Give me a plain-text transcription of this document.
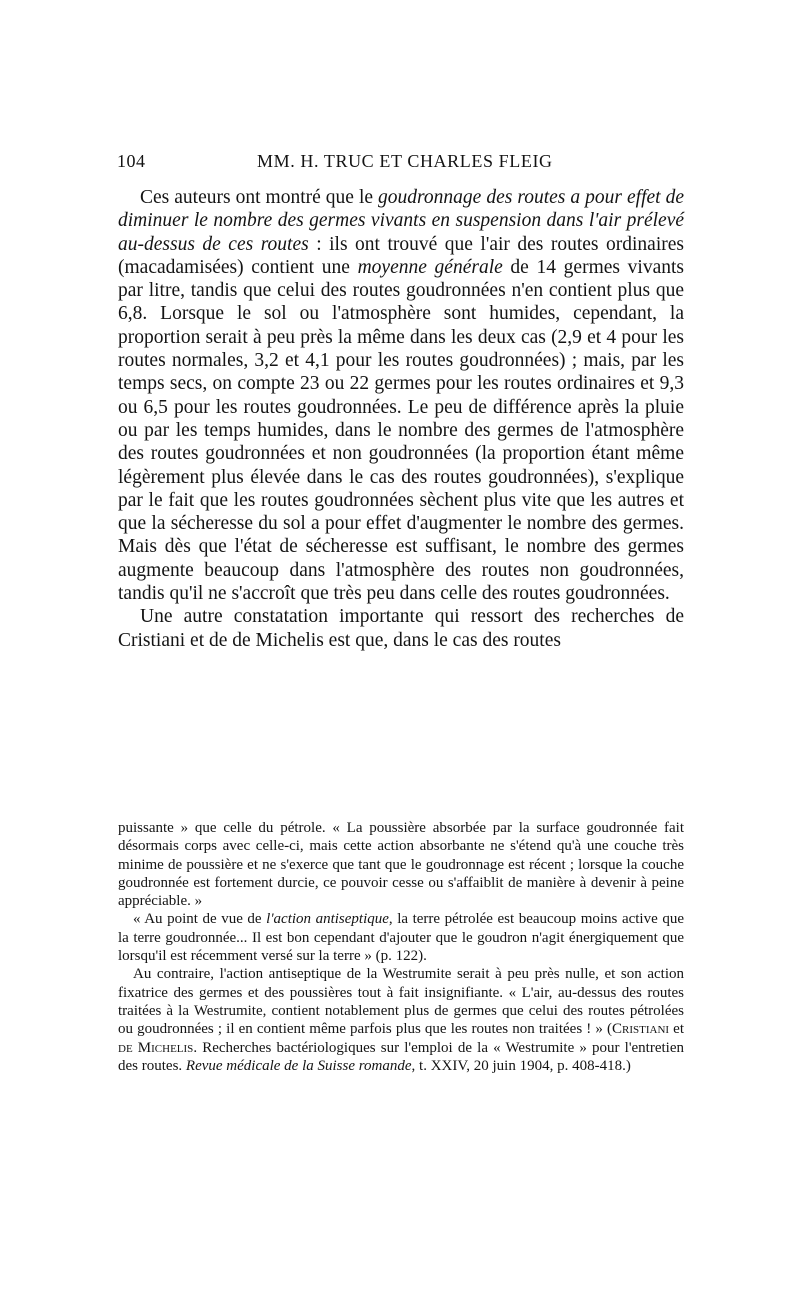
104	MM. H. TRUC ET CHARLES FLEIG

Ces auteurs ont montré que le goudronnage des routes a pour effet de diminuer le nombre des germes vivants en suspension dans l'air prélevé au-dessus de ces routes : ils ont trouvé que l'air des routes ordinaires (macadamisées) contient une moyenne générale de 14 germes vivants par litre, tandis que celui des routes goudronnées n'en contient plus que 6,8. Lorsque le sol ou l'atmosphère sont humides, cependant, la proportion serait à peu près la même dans les deux cas (2,9 et 4 pour les routes normales, 3,2 et 4,1 pour les routes goudronnées) ; mais, par les temps secs, on compte 23 ou 22 germes pour les routes ordinaires et 9,3 ou 6,5 pour les routes goudronnées. Le peu de différence après la pluie ou par les temps humides, dans le nombre des germes de l'atmosphère des routes goudronnées et non goudronnées (la proportion étant même légèrement plus élevée dans le cas des routes goudronnées), s'explique par le fait que les routes goudronnées sèchent plus vite que les autres et que la sécheresse du sol a pour effet d'augmenter le nombre des germes. Mais dès que l'état de sécheresse est suffisant, le nombre des germes augmente beaucoup dans l'atmosphère des routes non goudronnées, tandis qu'il ne s'accroît que très peu dans celle des routes goudronnées.

Une autre constatation importante qui ressort des recherches de Cristiani et de de Michelis est que, dans le cas des routes

puissante » que celle du pétrole. « La poussière absorbée par la surface goudronnée fait désormais corps avec celle-ci, mais cette action absorbante ne s'étend qu'à une couche très minime de poussière et ne s'exerce que tant que le goudronnage est récent ; lorsque la couche goudronnée est fortement durcie, ce pouvoir cesse ou s'affaiblit de manière à devenir à peine appréciable. »

« Au point de vue de l'action antiseptique, la terre pétrolée est beaucoup moins active que la terre goudronnée... Il est bon cependant d'ajouter que le goudron n'agit énergiquement que lorsqu'il est récemment versé sur la terre » (p. 122).

Au contraire, l'action antiseptique de la Westrumite serait à peu près nulle, et son action fixatrice des germes et des poussières tout à fait insignifiante. « L'air, au-dessus des routes traitées à la Westrumite, contient notablement plus de germes que celui des routes pétrolées ou goudronnées ; il en contient même parfois plus que les routes non traitées ! » (Cristiani et de Michelis. Recherches bactériologiques sur l'emploi de la « Westrumite » pour l'entretien des routes. Revue médicale de la Suisse romande, t. XXIV, 20 juin 1904, p. 408-418.)
